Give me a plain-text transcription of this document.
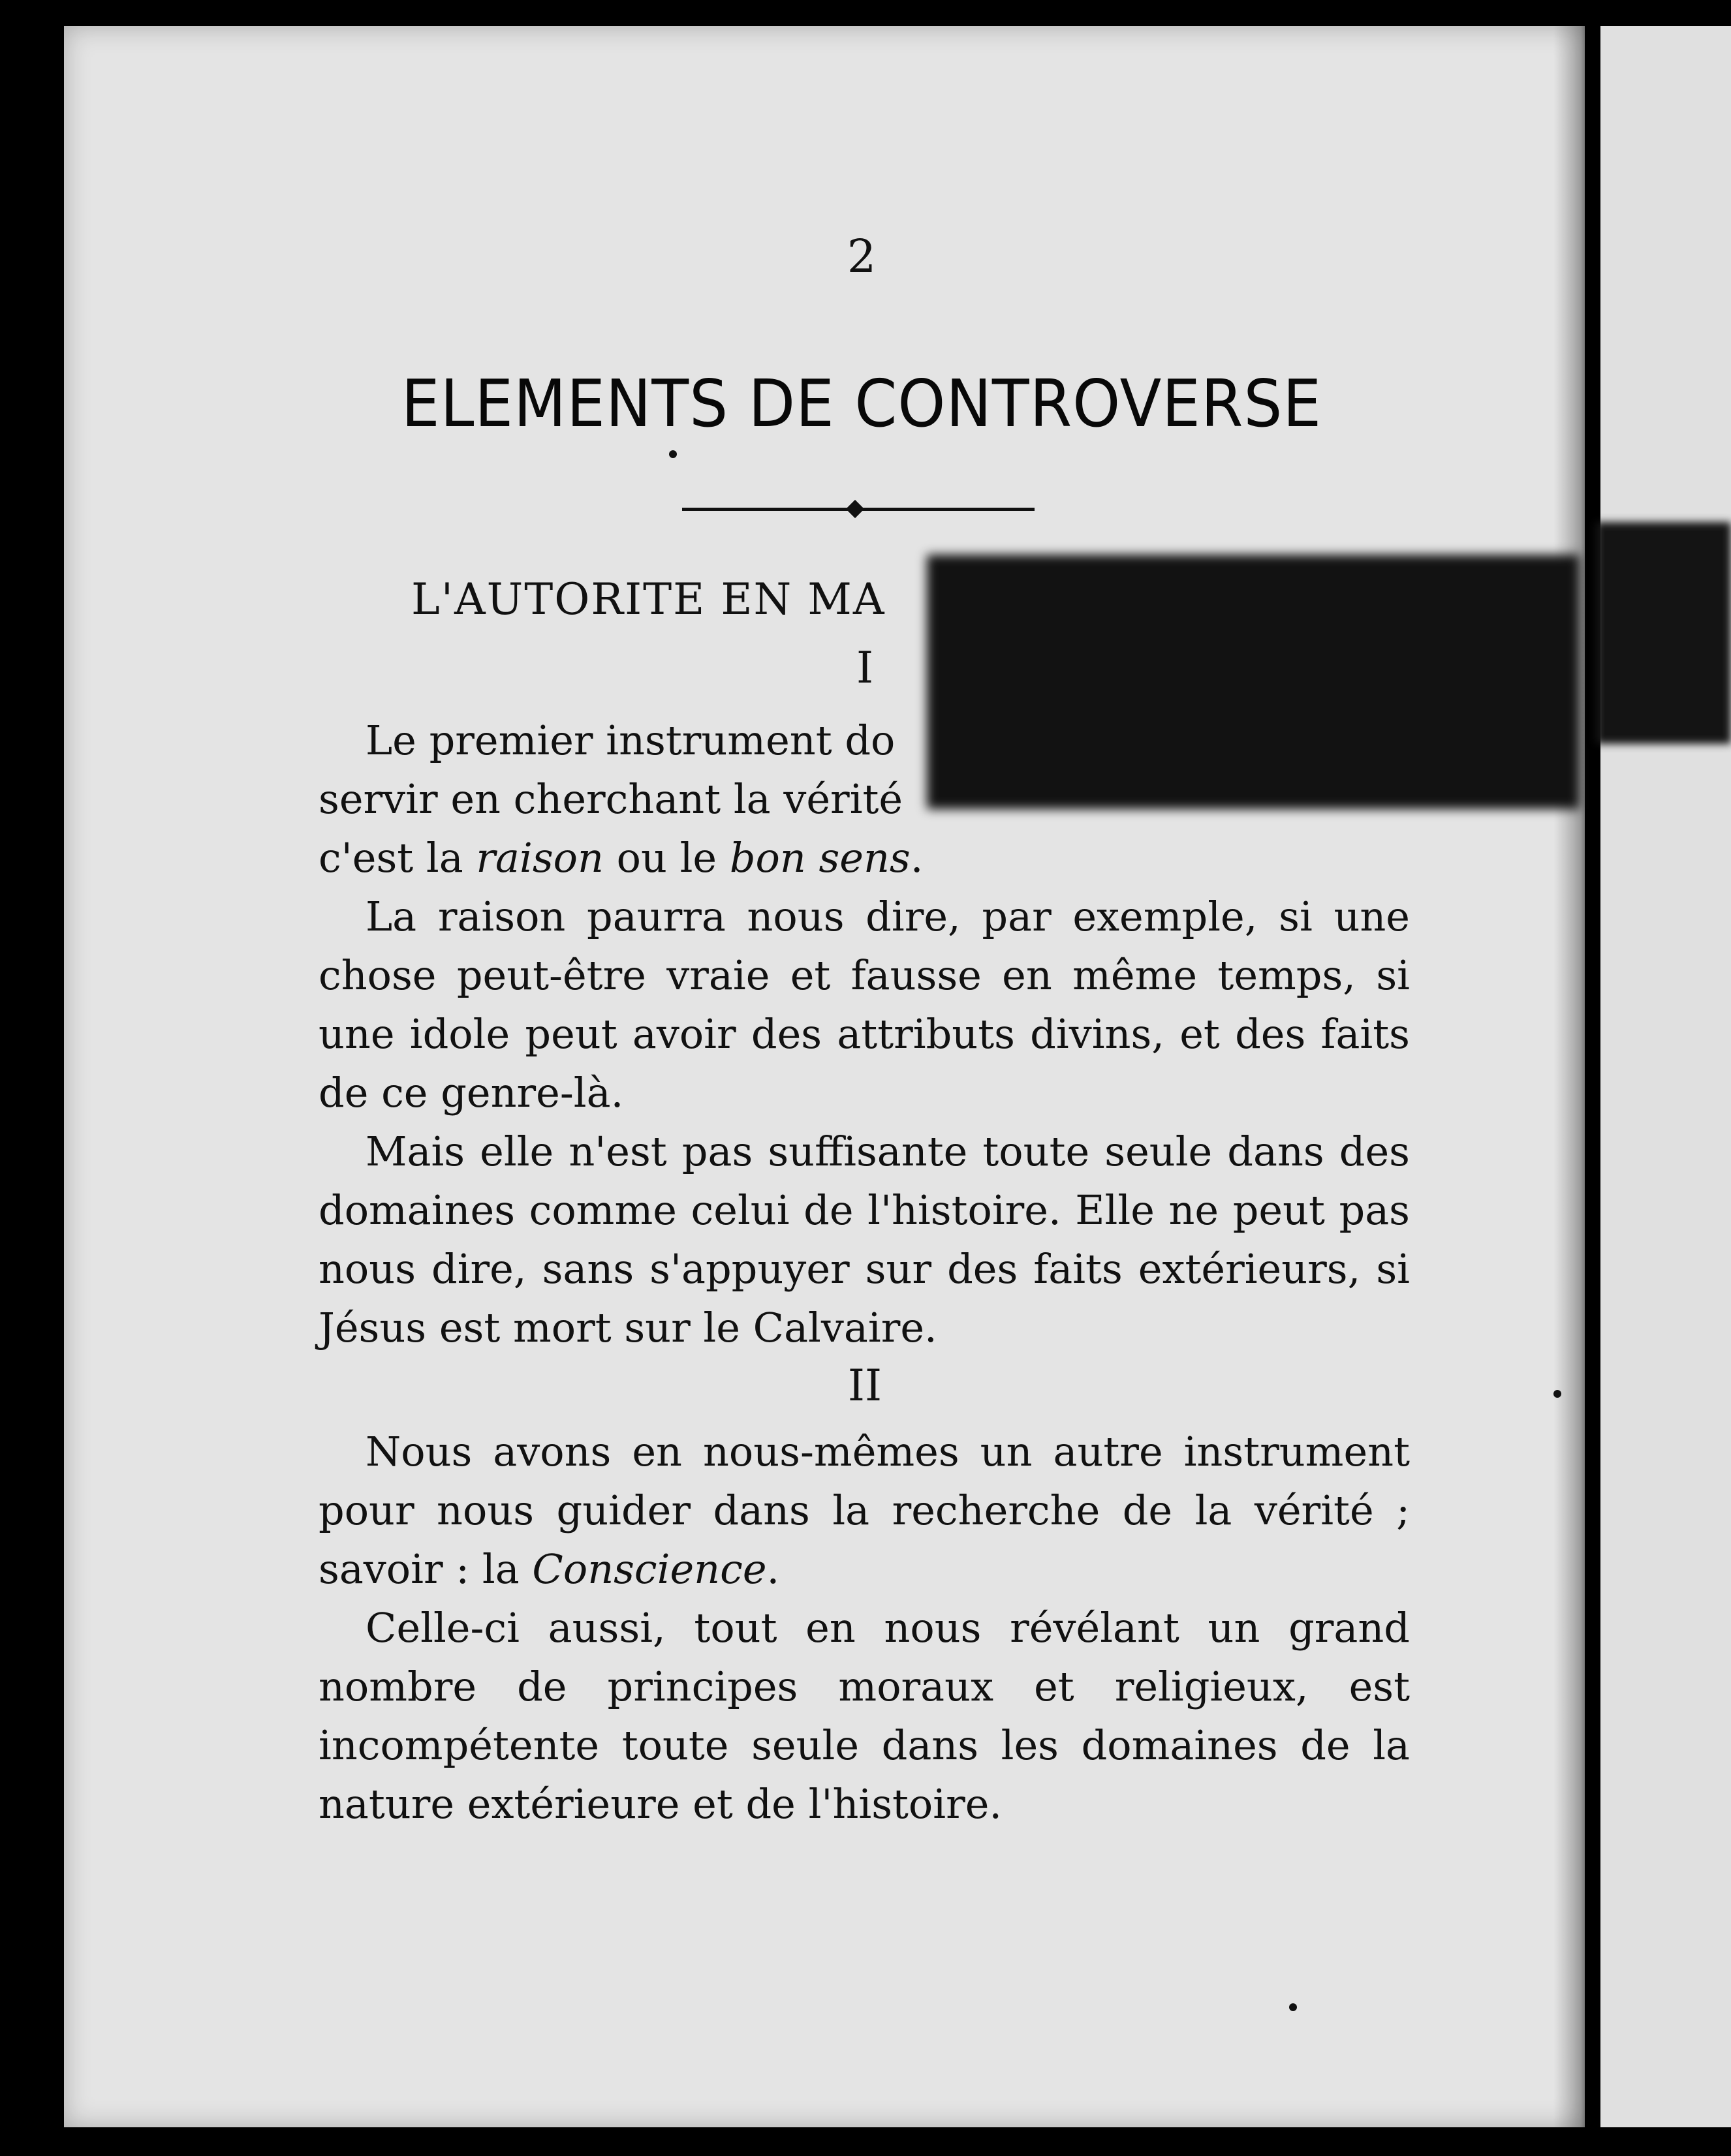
2
ELEMENTS DE CONTROVERSE
L'AUTORITE EN MA
I

Le premier instrument do

servir en cherchant la vérité

c'est la raison ou le bon sens.

La raison paurra nous dire, par exemple, si une chose peut-être vraie et fausse en même temps, si une idole peut avoir des attributs divins, et des faits de ce genre-là.

Mais elle n'est pas suffisante toute seule dans des domaines comme celui de l'histoire. Elle ne peut pas nous dire, sans s'appuyer sur des faits extérieurs, si Jésus est mort sur le Calvaire.

II

Nous avons en nous-mêmes un autre instrument pour nous guider dans la recherche de la vérité ; savoir : la Conscience.

Celle-ci aussi, tout en nous révélant un grand nombre de principes moraux et religieux, est incompétente toute seule dans les domaines de la nature extérieure et de l'histoire.
